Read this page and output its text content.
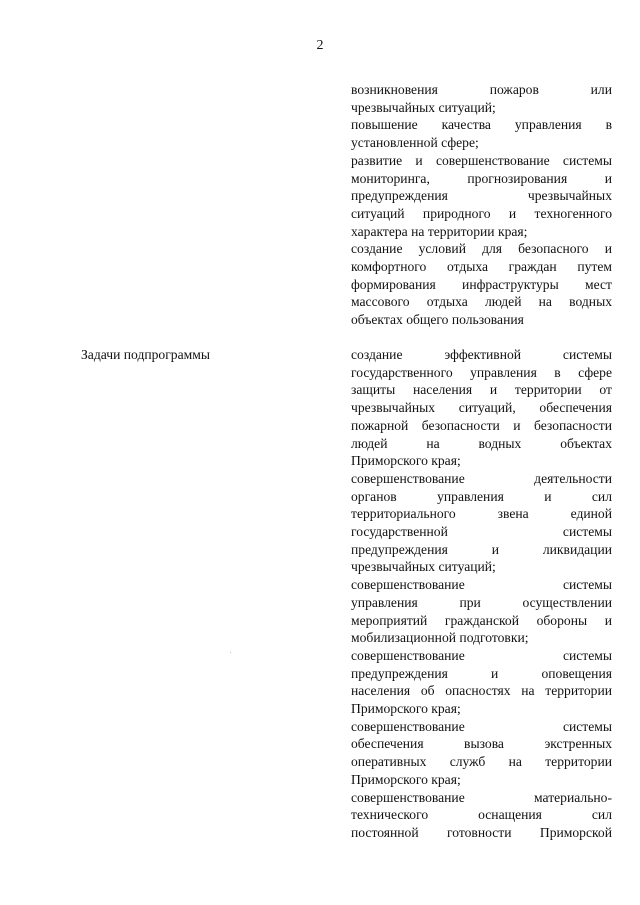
2

возникновения пожаров или

чрезвычайных ситуаций;

повышение качества управления в

установленной сфере;

развитие и совершенствование системы

мониторинга, прогнозирования и

предупреждения чрезвычайных

ситуаций природного и техногенного

характера на территории края;

создание условий для безопасного и

комфортного отдыха граждан путем

формирования инфраструктуры мест

массового отдыха людей на водных

объектах общего пользования

Задачи подпрограммы	создание эффективной системы

государственного управления в сфере

защиты населения и территории от

чрезвычайных ситуаций, обеспечения

пожарной безопасности и безопасности

людей на водных объектах

Приморского края;

совершенствование деятельности

органов управления и сил

территориального звена единой

государственной системы

предупреждения и ликвидации

чрезвычайных ситуаций;

совершенствование системы

управления при осуществлении

мероприятий гражданской обороны и

мобилизационной подготовки;

совершенствование системы

предупреждения и оповещения

населения об опасностях на территории

Приморского края;

совершенствование системы

обеспечения вызова экстренных

оперативных служб на территории

Приморского края;

совершенствование материально-

технического оснащения сил

постоянной готовности Приморской
